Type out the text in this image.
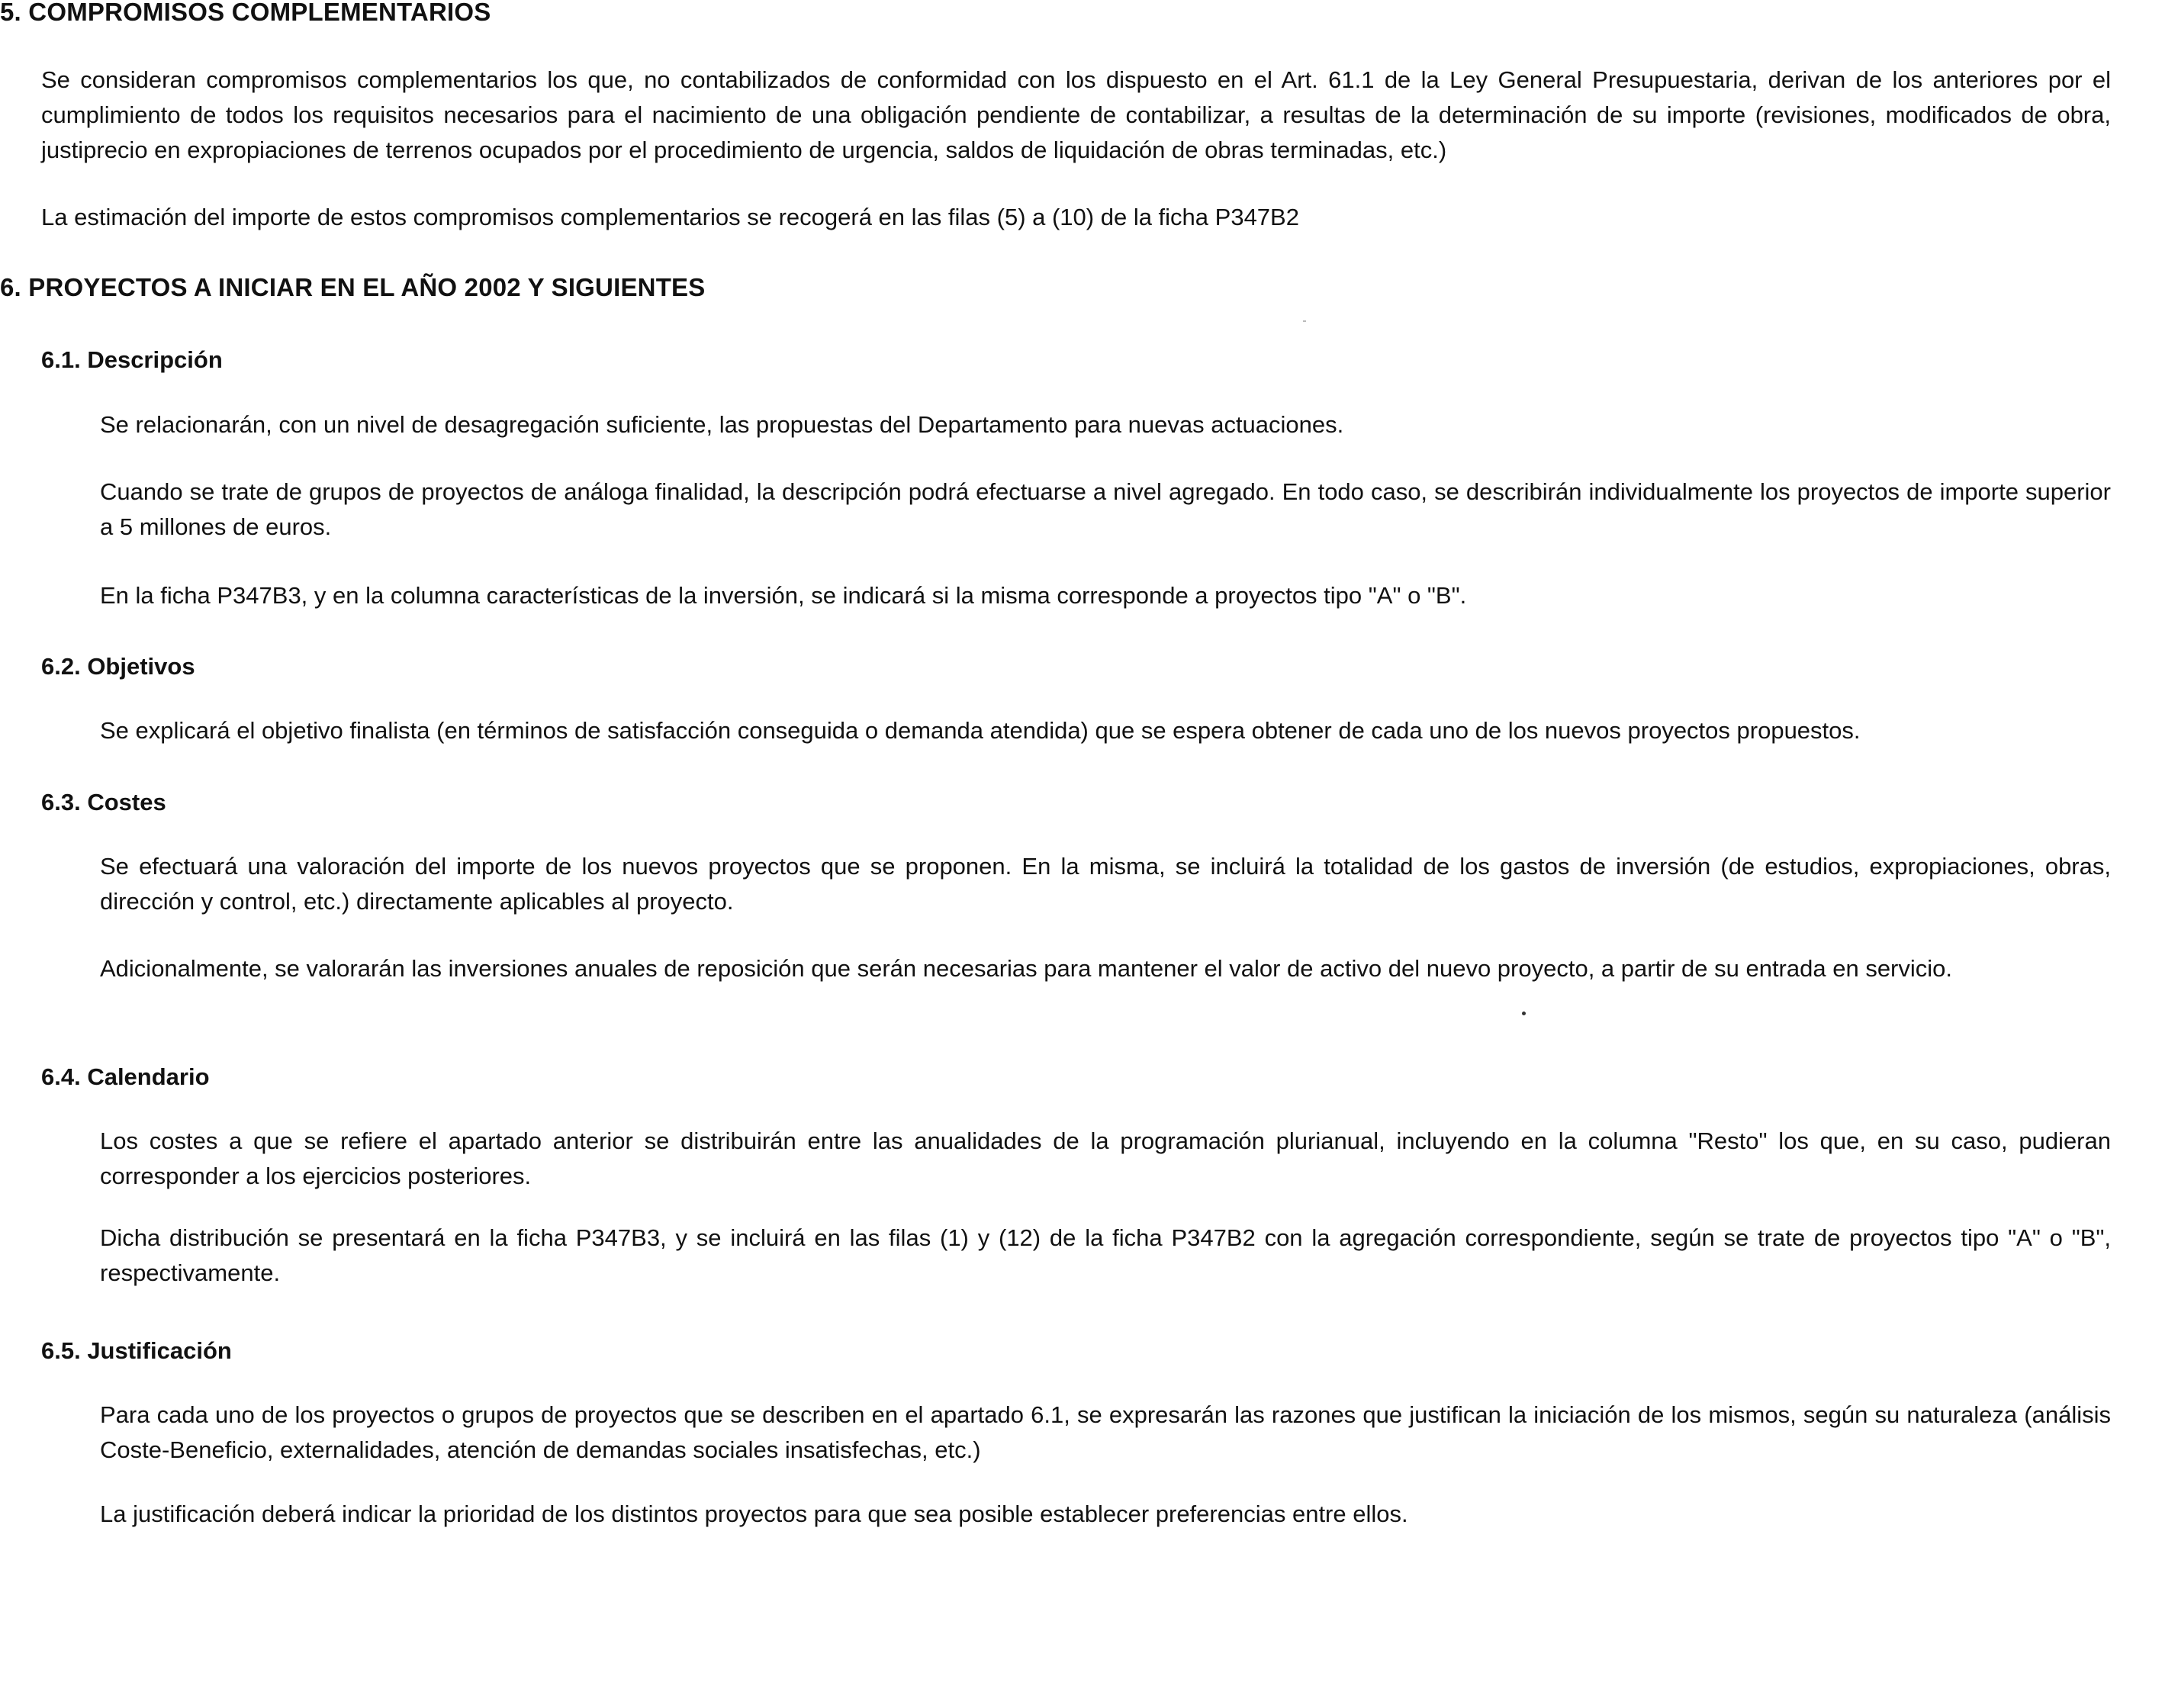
5. COMPROMISOS COMPLEMENTARIOS
Se consideran compromisos complementarios los que, no contabilizados de conformidad con los dispuesto en el Art. 61.1 de la Ley General Presupuestaria, derivan de los anteriores por el cumplimiento de todos los requisitos necesarios para el nacimiento de una obligación pendiente de contabilizar, a resultas de la determinación de su importe (revisiones, modificados de obra, justiprecio en expropiaciones de terrenos ocupados por el procedimiento de urgencia, saldos de liquidación de obras terminadas, etc.)
La estimación del importe de estos compromisos complementarios se recogerá en las filas (5) a (10) de la ficha P347B2
6. PROYECTOS A INICIAR EN EL AÑO 2002 Y SIGUIENTES
6.1. Descripción
Se relacionarán, con un nivel de desagregación suficiente, las propuestas del Departamento para nuevas actuaciones.
Cuando se trate de grupos de proyectos de análoga finalidad, la descripción podrá efectuarse a nivel agregado. En todo caso, se describirán individualmente los proyectos de importe superior a 5 millones de euros.
En la ficha P347B3, y en la columna características de la inversión, se indicará si la misma corresponde a proyectos tipo "A" o "B".
6.2. Objetivos
Se explicará el objetivo finalista (en términos de satisfacción conseguida o demanda atendida) que se espera obtener de cada uno de los nuevos proyectos propuestos.
6.3. Costes
Se efectuará una valoración del importe de los nuevos proyectos que se proponen. En la misma, se incluirá la totalidad de los gastos de inversión (de estudios, expropiaciones, obras, dirección y control, etc.) directamente aplicables al proyecto.
Adicionalmente, se valorarán las inversiones anuales de reposición que serán necesarias para mantener el valor de activo del nuevo proyecto, a partir de su entrada en servicio.
6.4. Calendario
Los costes a que se refiere el apartado anterior se distribuirán entre las anualidades de la programación plurianual, incluyendo en la columna "Resto" los que, en su caso, pudieran corresponder a los ejercicios posteriores.
Dicha distribución se presentará en la ficha P347B3, y se incluirá en las filas (1) y (12) de la ficha P347B2 con la agregación correspondiente, según se trate de proyectos tipo "A" o "B", respectivamente.
6.5. Justificación
Para cada uno de los proyectos o grupos de proyectos que se describen en el apartado 6.1, se expresarán las razones que justifican la iniciación de los mismos, según su naturaleza (análisis Coste-Beneficio, externalidades, atención de demandas sociales insatisfechas, etc.)
La justificación deberá indicar la prioridad de los distintos proyectos para que sea posible establecer preferencias entre ellos.
